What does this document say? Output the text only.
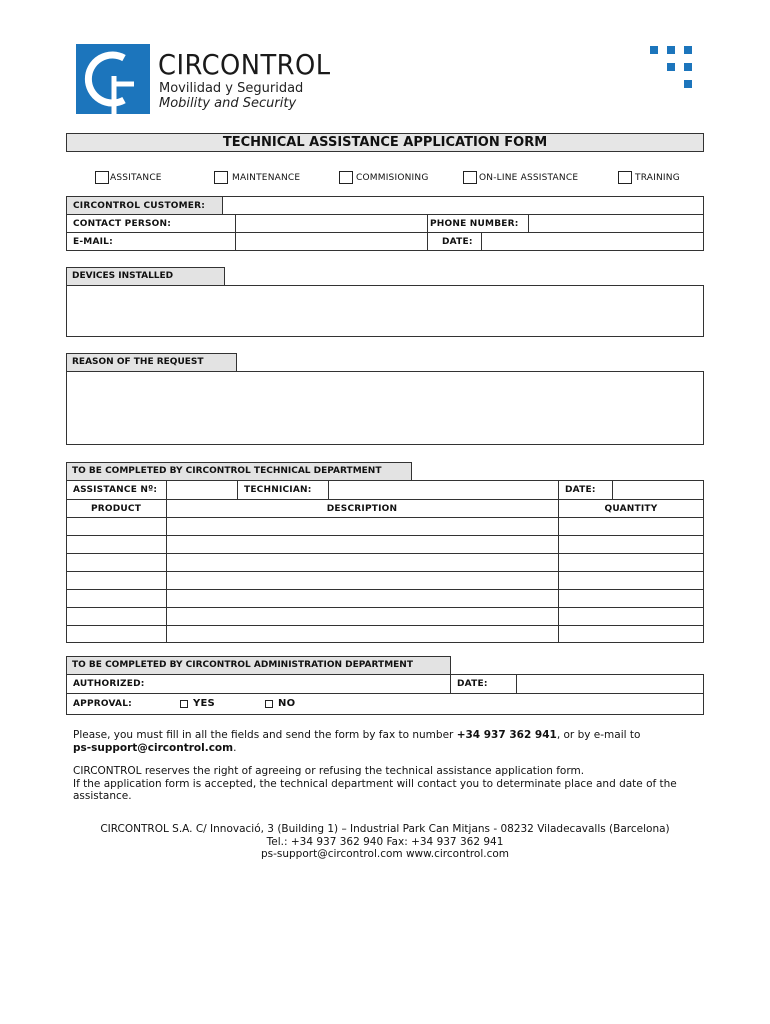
CIRCONTROL
Movilidad y Seguridad
Mobility and Security
TECHNICAL ASSISTANCE APPLICATION FORM
ASSITANCE	MAINTENANCE	COMMISIONING	ON-LINE ASSISTANCE	TRAINING
CIRCONTROL CUSTOMER:
CONTACT PERSON:	PHONE NUMBER:
E-MAIL:	DATE:
DEVICES INSTALLED
REASON OF THE REQUEST
TO BE COMPLETED BY CIRCONTROL TECHNICAL DEPARTMENT
ASSISTANCE Nº:	TECHNICIAN:	DATE:
PRODUCT	DESCRIPTION	QUANTITY
TO BE COMPLETED BY CIRCONTROL ADMINISTRATION DEPARTMENT
AUTHORIZED:	DATE:
APPROVAL:	YES	NO
Please, you must fill in all the fields and send the form by fax to number +34 937 362 941, or by e-mail to
ps-support@circontrol.com.
CIRCONTROL reserves the right of agreeing or refusing the technical assistance application form.
If the application form is accepted, the technical department will contact you to determinate place and date of the assistance.
CIRCONTROL S.A. C/ Innovació, 3 (Building 1) – Industrial Park Can Mitjans - 08232 Viladecavalls (Barcelona)
Tel.: +34 937 362 940 Fax: +34 937 362 941
ps-support@circontrol.com www.circontrol.com
